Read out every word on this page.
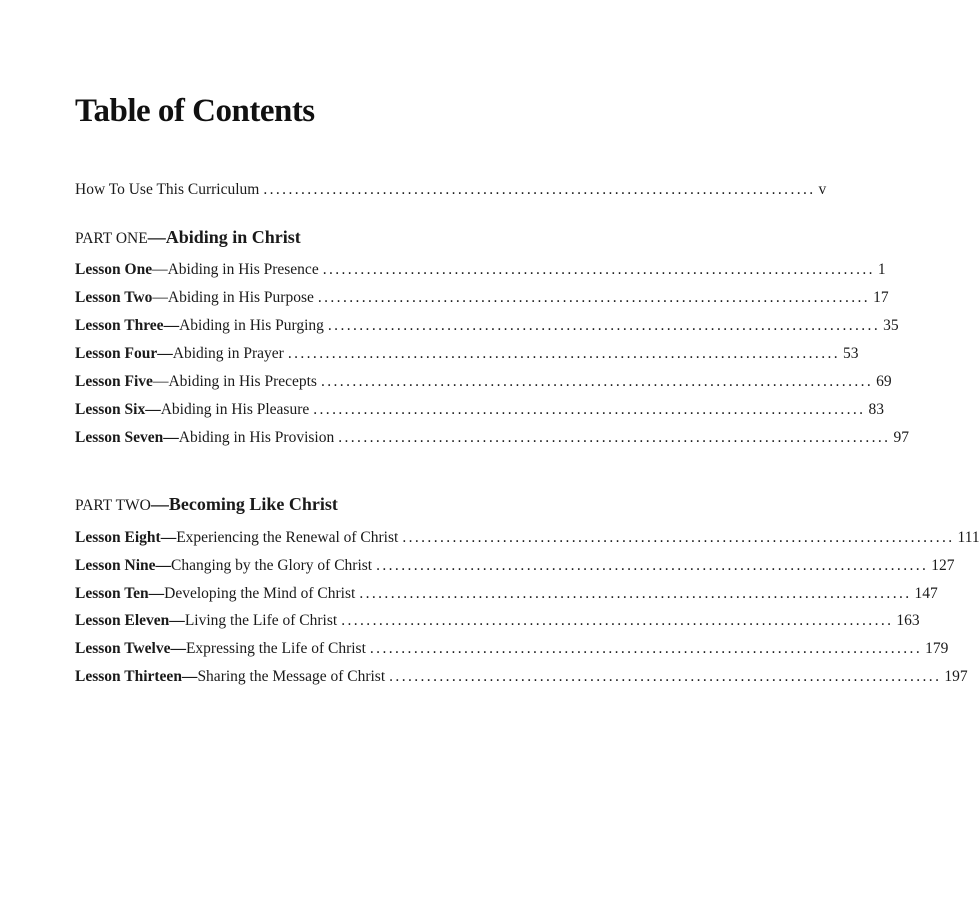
Table of Contents
How To Use This Curriculum ........................................................................................ v
PART ONE—Abiding in Christ
Lesson One—Abiding in His Presence ........................................................................................ 1
Lesson Two—Abiding in His Purpose ........................................................................................ 17
Lesson Three—Abiding in His Purging ........................................................................................ 35
Lesson Four—Abiding in Prayer ........................................................................................ 53
Lesson Five—Abiding in His Precepts ........................................................................................ 69
Lesson Six—Abiding in His Pleasure ........................................................................................ 83
Lesson Seven—Abiding in His Provision ........................................................................................ 97
PART TWO—Becoming Like Christ
Lesson Eight—Experiencing the Renewal of Christ ........................................................................................ 111
Lesson Nine—Changing by the Glory of Christ ........................................................................................ 127
Lesson Ten—Developing the Mind of Christ ........................................................................................ 147
Lesson Eleven—Living the Life of Christ ........................................................................................ 163
Lesson Twelve—Expressing the Life of Christ ........................................................................................ 179
Lesson Thirteen—Sharing the Message of Christ ........................................................................................ 197
